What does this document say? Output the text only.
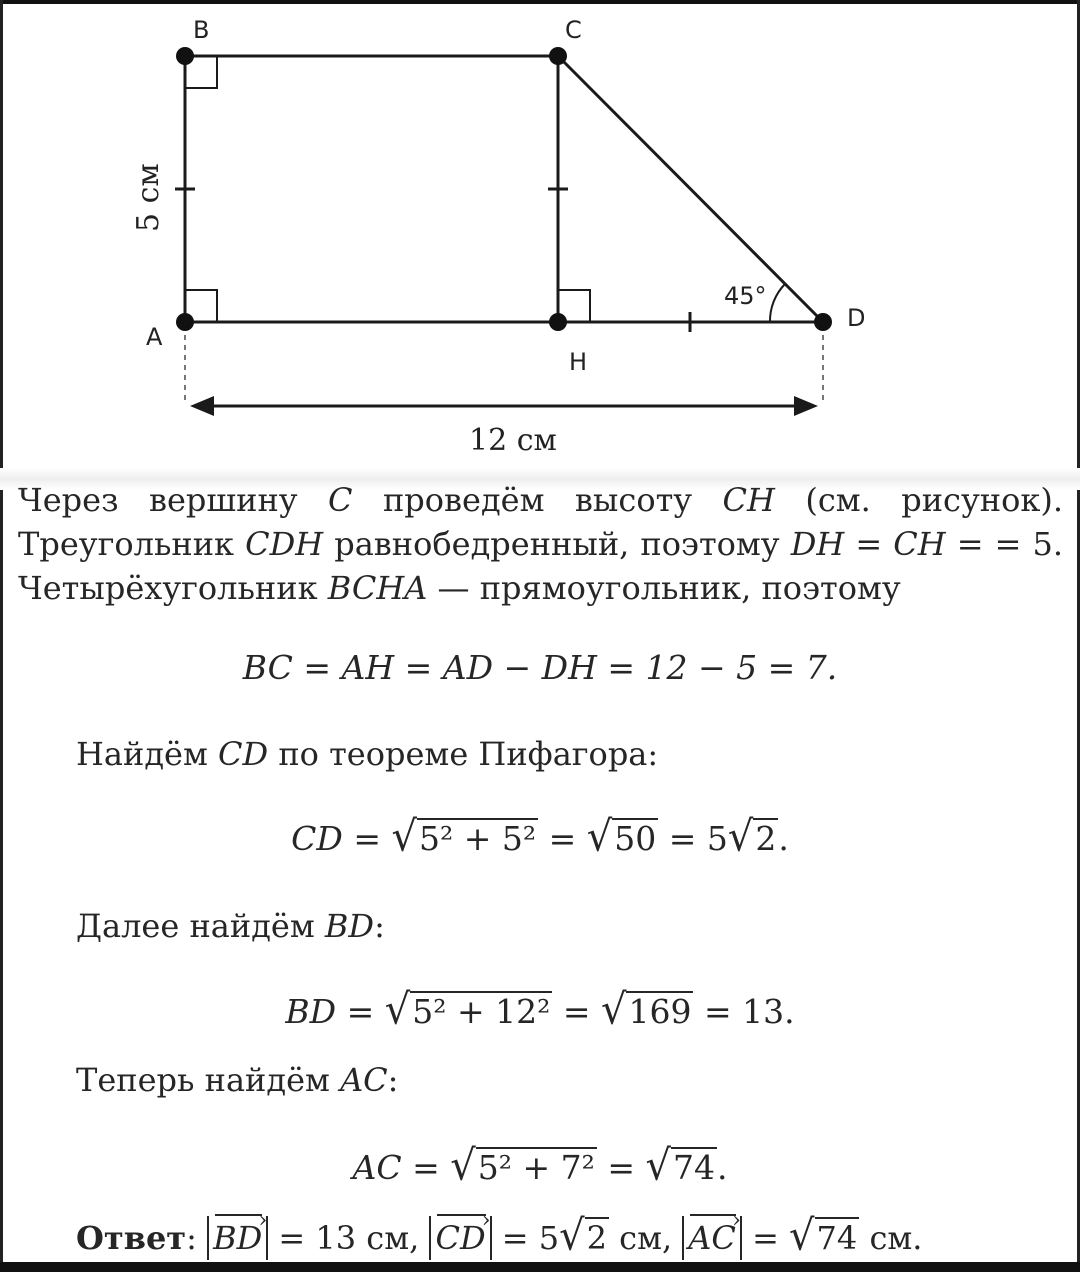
B	C
A
D
H
45°
12 см
5 см
Через вершину C проведём высоту CH (см. рисунок). Треугольник CDH равнобедренный, поэтому DH = CH = = 5. Четырёхугольник BCHA — прямоугольник, поэтому
BC = AH = AD − DH = 12 − 5 = 7.
Найдём CD по теореме Пифагора:
CD = √5² + 5² = √50 = 5√2.
Далее найдём BD:
BD = √5² + 12² = √169 = 13.
Теперь найдём AC:
AC = √5² + 7² = √74.
Ответ: BD › = 13 см, CD › = 5√2 см, AC › = √74 см.
